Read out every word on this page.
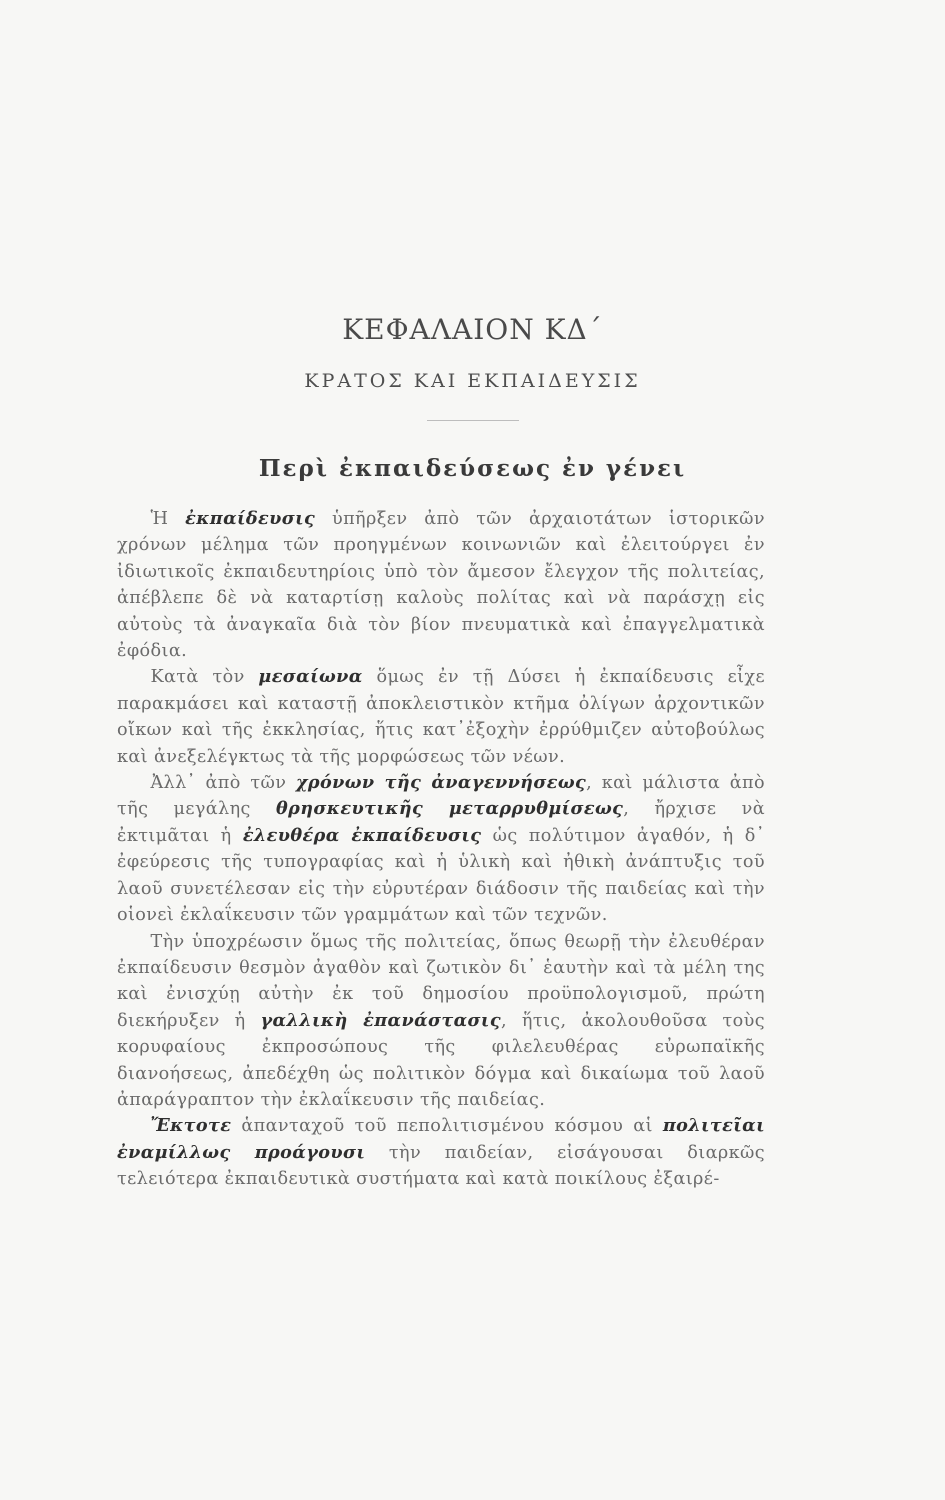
ΚΕΦΑΛΑΙΟΝ ΚΔ΄
ΚΡΑΤΟΣ ΚΑΙ ΕΚΠΑΙΔΕΥΣΙΣ
Περὶ ἐκπαιδεύσεως ἐν γένει

Ἡ ἐκπαίδευσις ὑπῆρξεν ἀπὸ τῶν ἀρχαιοτάτων ἱστορικῶν χρόνων μέλημα τῶν προηγμένων κοινωνιῶν καὶ ἐλειτούργει ἐν ἰδιωτικοῖς ἐκπαιδευτηρίοις ὑπὸ τὸν ἄμεσον ἔλεγχον τῆς πολιτείας, ἀπέβλεπε δὲ νὰ καταρτίσῃ καλοὺς πολίτας καὶ νὰ παράσχῃ εἰς αὐτοὺς τὰ ἀναγκαῖα διὰ τὸν βίον πνευματικὰ καὶ ἐπαγγελματικὰ ἐφόδια.

Κατὰ τὸν μεσαίωνα ὅμως ἐν τῇ Δύσει ἡ ἐκπαίδευσις εἶχε παρακμάσει καὶ καταστῇ ἀποκλειστικὸν κτῆμα ὀλίγων ἀρχοντικῶν οἴκων καὶ τῆς ἐκκλησίας, ἥτις κατ᾽ἐξοχὴν ἐρρύθμιζεν αὐτοβούλως καὶ ἀνεξελέγκτως τὰ τῆς μορφώσεως τῶν νέων.

Ἀλλ᾽ ἀπὸ τῶν χρόνων τῆς ἀναγεννήσεως, καὶ μάλιστα ἀπὸ τῆς μεγάλης θρησκευτικῆς μεταρρυθμίσεως, ἤρχισε νὰ ἐκτιμᾶται ἡ ἐλευθέρα ἐκπαίδευσις ὡς πολύτιμον ἀγαθόν, ἡ δ᾽ ἐφεύρεσις τῆς τυπογραφίας καὶ ἡ ὑλικὴ καὶ ἠθικὴ ἀνάπτυξις τοῦ λαοῦ συνετέλεσαν εἰς τὴν εὐρυτέραν διάδοσιν τῆς παιδείας καὶ τὴν οἱονεὶ ἐκλαΐκευσιν τῶν γραμμάτων καὶ τῶν τεχνῶν.

Τὴν ὑποχρέωσιν ὅμως τῆς πολιτείας, ὅπως θεωρῇ τὴν ἐλευθέραν ἐκπαίδευσιν θεσμὸν ἀγαθὸν καὶ ζωτικὸν δι᾽ ἑαυτὴν καὶ τὰ μέλη της καὶ ἐνισχύῃ αὐτὴν ἐκ τοῦ δημοσίου προϋπολογισμοῦ, πρώτη διεκήρυξεν ἡ γαλλικὴ ἐπανάστασις, ἥτις, ἀκολουθοῦσα τοὺς κορυφαίους ἐκπροσώπους τῆς φιλελευθέρας εὐρωπαϊκῆς διανοήσεως, ἀπεδέχθη ὡς πολιτικὸν δόγμα καὶ δικαίωμα τοῦ λαοῦ ἀπαράγραπτον τὴν ἐκλαΐκευσιν τῆς παιδείας.

Ἔκτοτε ἁπανταχοῦ τοῦ πεπολιτισμένου κόσμου αἱ πολιτεῖαι ἐναμίλλως προάγουσι τὴν παιδείαν, εἰσάγουσαι διαρκῶς τελειότερα ἐκπαιδευτικὰ συστήματα καὶ κατὰ ποικίλους ἐξαιρέ-
